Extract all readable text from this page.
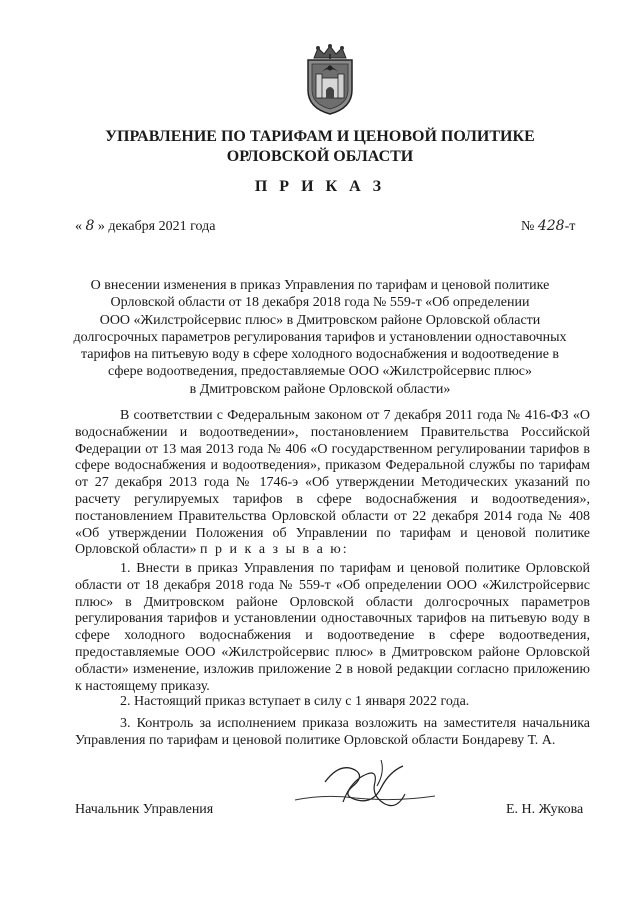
УПРАВЛЕНИЕ ПО ТАРИФАМ И ЦЕНОВОЙ ПОЛИТИКЕ
ОРЛОВСКОЙ ОБЛАСТИ
П Р И К А З
« 8 » декабря 2021 года	№ 428-т
О внесении изменения в приказ Управления по тарифам и ценовой политике
Орловской области от 18 декабря 2018 года № 559-т «Об определении
ООО «Жилстройсервис плюс» в Дмитровском районе Орловской области
долгосрочных параметров регулирования тарифов и установлении одноставочных
тарифов на питьевую воду в сфере холодного водоснабжения и водоотведение в
сфере водоотведения, предоставляемые ООО «Жилстройсервис плюс»
в Дмитровском районе Орловской области»
В соответствии с Федеральным законом от 7 декабря 2011 года № 416-ФЗ «О водоснабжении и водоотведении», постановлением Правительства Российской Федерации от 13 мая 2013 года № 406 «О государственном регулировании тарифов в сфере водоснабжения и водоотведения», приказом Федеральной службы по тарифам от 27 декабря 2013 года № 1746-э «Об утверждении Методических указаний по расчету регулируемых тарифов в сфере водоснабжения и водоотведения», постановлением Правительства Орловской области от 22 декабря 2014 года № 408 «Об утверждении Положения об Управлении по тарифам и ценовой политике Орловской области» п р и к а з ы в а ю:
1. Внести в приказ Управления по тарифам и ценовой политике Орловской области от 18 декабря 2018 года № 559-т «Об определении ООО «Жилстройсервис плюс» в Дмитровском районе Орловской области долгосрочных параметров регулирования тарифов и установлении одноставочных тарифов на питьевую воду в сфере холодного водоснабжения и водоотведение в сфере водоотведения, предоставляемые ООО «Жилстройсервис плюс» в Дмитровском районе Орловской области» изменение, изложив приложение 2 в новой редакции согласно приложению к настоящему приказу.
2. Настоящий приказ вступает в силу с 1 января 2022 года.
3. Контроль за исполнением приказа возложить на заместителя начальника Управления по тарифам и ценовой политике Орловской области Бондареву Т. А.
Начальник Управления	Е. Н. Жукова
